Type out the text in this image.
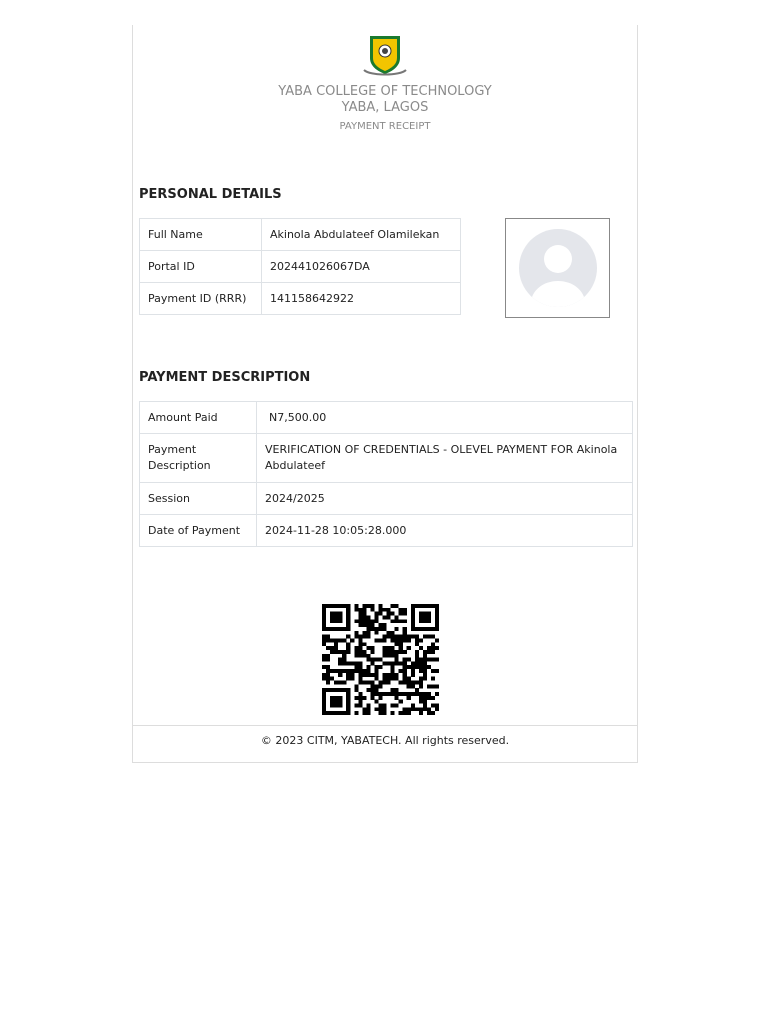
YABA COLLEGE OF TECHNOLOGY
YABA, LAGOS
PAYMENT RECEIPT
PERSONAL DETAILS
Full Name	Akinola Abdulateef Olamilekan
Portal ID	202441026067DA
Payment ID (RRR)	141158642922
PAYMENT DESCRIPTION
Amount Paid	N7,500.00
Payment Description	VERIFICATION OF CREDENTIALS - OLEVEL PAYMENT FOR Akinola Abdulateef
Session	2024/2025
Date of Payment	2024-11-28 10:05:28.000
© 2023 CITM, YABATECH. All rights reserved.
